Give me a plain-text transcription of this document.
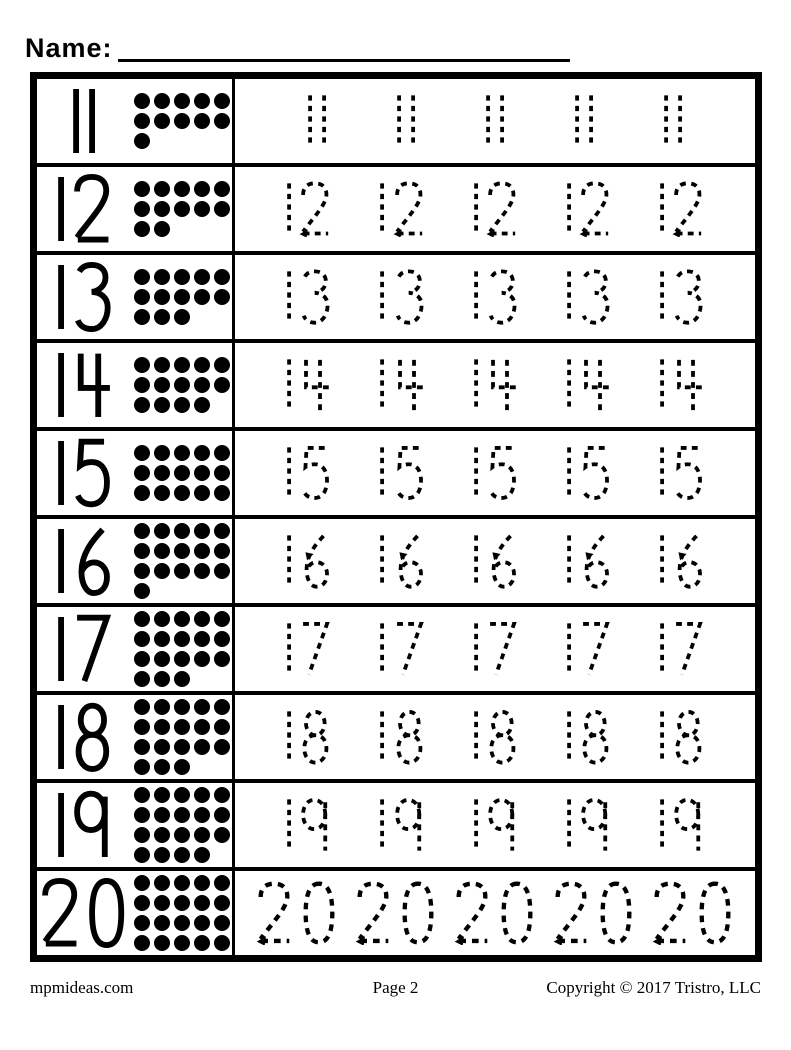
Name:
mpmideas.com	Page 2	Copyright © 2017 Tristro, LLC
